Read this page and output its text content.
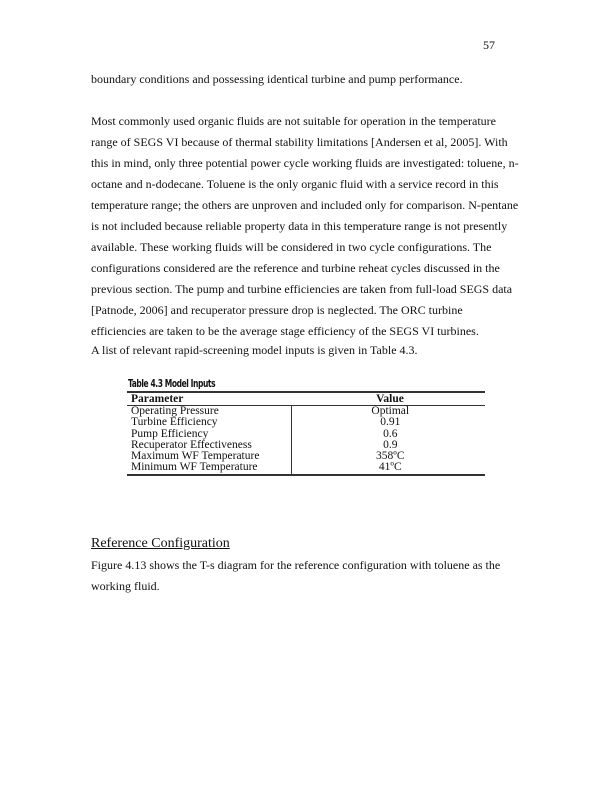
57
boundary conditions and possessing identical turbine and pump performance.
Most commonly used organic fluids are not suitable for operation in the temperature
range of SEGS VI because of thermal stability limitations [Andersen et al, 2005]. With
this in mind, only three potential power cycle working fluids are investigated: toluene, n-
octane and n-dodecane. Toluene is the only organic fluid with a service record in this
temperature range; the others are unproven and included only for comparison. N-pentane
is not included because reliable property data in this temperature range is not presently
available. These working fluids will be considered in two cycle configurations. The
configurations considered are the reference and turbine reheat cycles discussed in the
previous section. The pump and turbine efficiencies are taken from full-load SEGS data
[Patnode, 2006] and recuperator pressure drop is neglected. The ORC turbine
efficiencies are taken to be the average stage efficiency of the SEGS VI turbines.
A list of relevant rapid-screening model inputs is given in Table 4.3.
Table 4.3 Model Inputs
Parameter	Value
Operating Pressure	Optimal
Turbine Efficiency	0.91
Pump Efficiency	0.6
Recuperator Effectiveness	0.9
Maximum WF Temperature	358ºC
Minimum WF Temperature	41ºC
Reference Configuration
Figure 4.13 shows the T-s diagram for the reference configuration with toluene as the
working fluid.
